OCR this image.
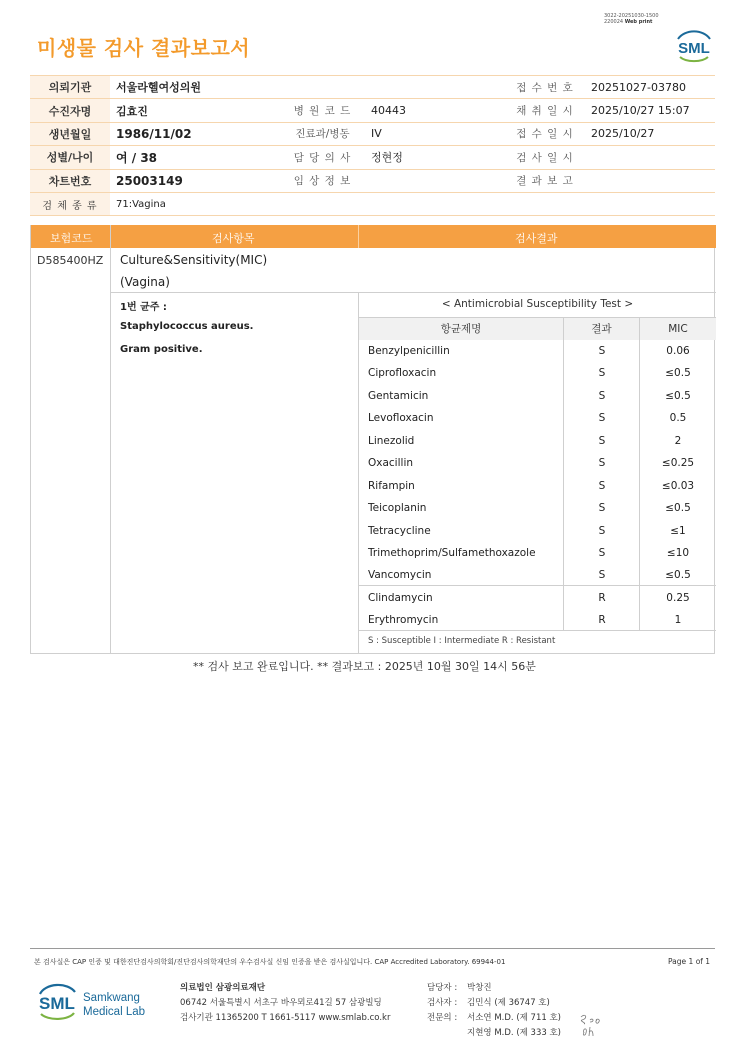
3022-20251030-1500
220024 Web print
미생물 검사 결과보고서	SML
의뢰기관	서울라헬여성의원			접 수 번 호	20251027-03780
수진자명	김효진	병 원 코 드	40443	채 취 일 시	2025/10/27 15:07
생년월일	1986/11/02	진료과/병동	IV	접 수 일 시	2025/10/27
성별/나이	여 / 38	담 당 의 사	정현정	검 사 일 시	
차트번호	25003149	임 상 정 보		결 과 보 고	
검 체 종 류	71:Vagina				
보험코드	검사항목	검사결과
D585400HZ Culture&Sensitivity(MIC)
(Vagina)
1번 균주 :
Staphylococcus aureus.
Gram positive.
< Antimicrobial Susceptibility Test >
항균제명	결과	MIC
Benzylpenicillin	S	0.06
Ciprofloxacin	S	≤0.5
Gentamicin	S	≤0.5
Levofloxacin	S	0.5
Linezolid	S	2
Oxacillin	S	≤0.25
Rifampin	S	≤0.03
Teicoplanin	S	≤0.5
Tetracycline	S	≤1
Trimethoprim/Sulfamethoxazole	S	≤10
Vancomycin	S	≤0.5
Clindamycin	R	0.25
Erythromycin	R	1
S : Susceptible I : Intermediate R : Resistant
** 검사 보고 완료입니다. ** 결과보고 : 2025년 10월 30일 14시 56분
본 검사실은 CAP 인증 및 대한진단검사의학회/진단검사의학재단의 우수검사실 신임 인증을 받은 검사실입니다. CAP Accredited Laboratory. 69944-01	Page 1 of 1
SML Samkwang
Medical Lab
의료법인 삼광의료재단
06742 서울특별시 서초구 바우뫼로41길 57 삼광빌딩
검사기관 11365200 T 1661-5117 www.smlab.co.kr
담당자 : 박창진
검사자 : 김민식 (제 36747 호)
전문의 : 서소연 M.D. (제 711 호)
지현영 M.D. (제 333 호)
